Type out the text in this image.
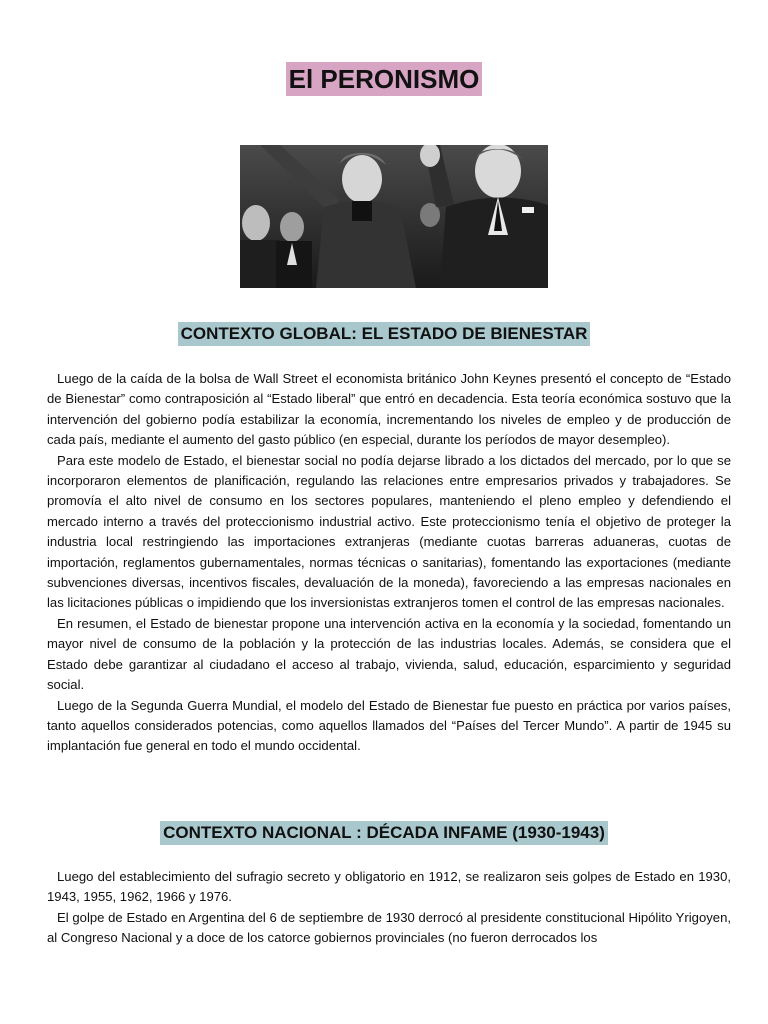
El PERONISMO
CONTEXTO GLOBAL: EL ESTADO DE BIENESTAR

Luego de la caída de la bolsa de Wall Street el economista británico John Keynes presentó el concepto de “Estado de Bienestar” como contraposición al “Estado liberal” que entró en decadencia. Esta teoría económica sostuvo que la intervención del gobierno podía estabilizar la economía, incrementando los niveles de empleo y de producción de cada país, mediante el aumento del gasto público (en especial, durante los períodos de mayor desempleo).

Para este modelo de Estado, el bienestar social no podía dejarse librado a los dictados del mercado, por lo que se incorporaron elementos de planificación, regulando las relaciones entre empresarios privados y trabajadores. Se promovía el alto nivel de consumo en los sectores populares, manteniendo el pleno empleo y defendiendo el mercado interno a través del proteccionismo industrial activo. Este proteccionismo tenía el objetivo de proteger la industria local restringiendo las importaciones extranjeras (mediante cuotas barreras aduaneras, cuotas de importación, reglamentos gubernamentales, normas técnicas o sanitarias), fomentando las exportaciones (mediante subvenciones diversas, incentivos fiscales, devaluación de la moneda), favoreciendo a las empresas nacionales en las licitaciones públicas o impidiendo que los inversionistas extranjeros tomen el control de las empresas nacionales.

En resumen, el Estado de bienestar propone una intervención activa en la economía y la sociedad, fomentando un mayor nivel de consumo de la población y la protección de las industrias locales. Además, se considera que el Estado debe garantizar al ciudadano el acceso al trabajo, vivienda, salud, educación, esparcimiento y seguridad social.

Luego de la Segunda Guerra Mundial, el modelo del Estado de Bienestar fue puesto en práctica por varios países, tanto aquellos considerados potencias, como aquellos llamados del “Países del Tercer Mundo”. A partir de 1945 su implantación fue general en todo el mundo occidental.

CONTEXTO NACIONAL : DÉCADA INFAME (1930-1943)

Luego del establecimiento del sufragio secreto y obligatorio en 1912, se realizaron seis golpes de Estado en 1930, 1943, 1955, 1962, 1966 y 1976.

El golpe de Estado en Argentina del 6 de septiembre de 1930 derrocó al presidente constitucional Hipólito Yrigoyen, al Congreso Nacional y a doce de los catorce gobiernos provinciales (no fueron derrocados los
